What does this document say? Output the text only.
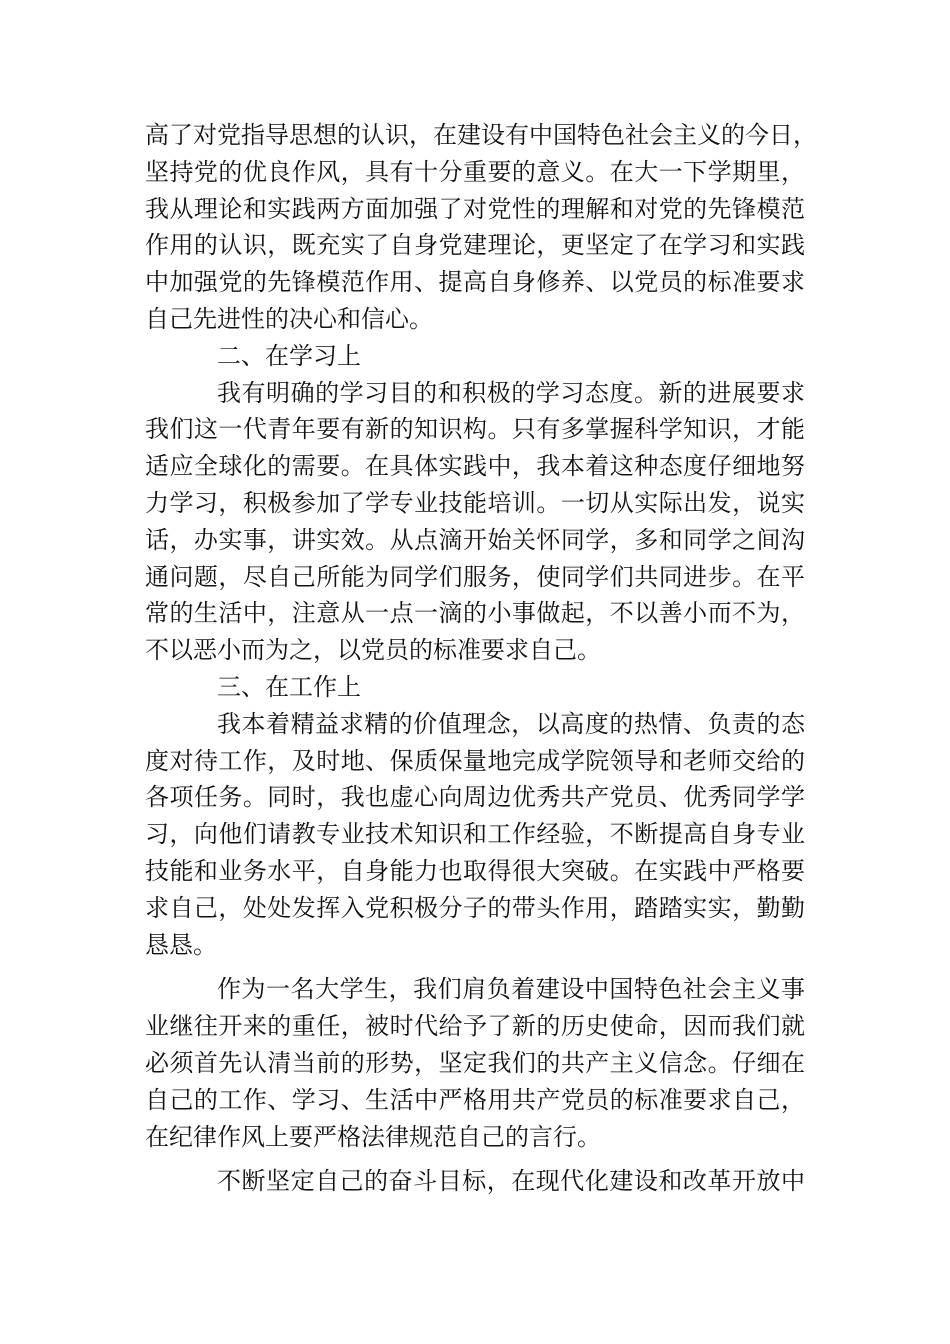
高了对党指导思想的认识，在建设有中国特色社会主义的今日，
坚持党的优良作风，具有十分重要的意义。在大一下学期里，
我从理论和实践两方面加强了对党性的理解和对党的先锋模范
作用的认识，既充实了自身党建理论，更坚定了在学习和实践
中加强党的先锋模范作用、提高自身修养、以党员的标准要求
自己先进性的决心和信心。
二、在学习上
我有明确的学习目的和积极的学习态度。新的进展要求
我们这一代青年要有新的知识构。只有多掌握科学知识，才能
适应全球化的需要。在具体实践中，我本着这种态度仔细地努
力学习，积极参加了学专业技能培训。一切从实际出发，说实
话，办实事，讲实效。从点滴开始关怀同学，多和同学之间沟
通问题，尽自己所能为同学们服务，使同学们共同进步。在平
常的生活中，注意从一点一滴的小事做起，不以善小而不为，
不以恶小而为之，以党员的标准要求自己。
三、在工作上
我本着精益求精的价值理念，以高度的热情、负责的态
度对待工作，及时地、保质保量地完成学院领导和老师交给的
各项任务。同时，我也虚心向周边优秀共产党员、优秀同学学
习，向他们请教专业技术知识和工作经验，不断提高自身专业
技能和业务水平，自身能力也取得很大突破。在实践中严格要
求自己，处处发挥入党积极分子的带头作用，踏踏实实，勤勤
恳恳。
作为一名大学生，我们肩负着建设中国特色社会主义事
业继往开来的重任，被时代给予了新的历史使命，因而我们就
必须首先认清当前的形势，坚定我们的共产主义信念。仔细在
自己的工作、学习、生活中严格用共产党员的标准要求自己，
在纪律作风上要严格法律规范自己的言行。
不断坚定自己的奋斗目标，在现代化建设和改革开放中
